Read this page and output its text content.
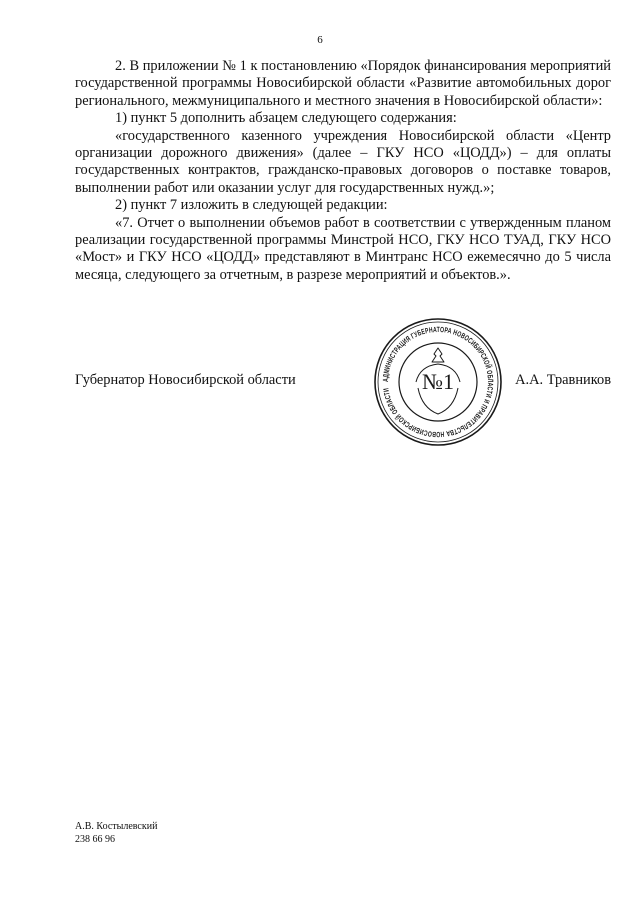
6

2. В приложении № 1 к постановлению «Порядок финансирования мероприятий государственной программы Новосибирской области «Развитие автомобильных дорог регионального, межмуниципального и местного значения в Новосибирской области»:

1) пункт 5 дополнить абзацем следующего содержания:

«государственного казенного учреждения Новосибирской области «Центр организации дорожного движения» (далее – ГКУ НСО «ЦОДД») – для оплаты государственных контрактов, гражданско-правовых договоров о поставке товаров, выполнении работ или оказании услуг для государственных нужд.»;

2) пункт 7 изложить в следующей редакции:

«7. Отчет о выполнении объемов работ в соответствии с утвержденным планом реализации государственной программы Минстрой НСО, ГКУ НСО ТУАД, ГКУ НСО «Мост» и ГКУ НСО «ЦОДД» представляют в Минтранс НСО ежемесячно до 5 числа месяца, следующего за отчетным, в разрезе мероприятий и объектов.».

Губернатор Новосибирской области	А.А. Травников
АДМИНИСТРАЦИЯ ГУБЕРНАТОРА НОВОСИБИРСКОЙ ОБЛАСТИ И ПРАВИТЕЛЬСТВА НОВОСИБИРСКОЙ ОБЛАСТИ	№1
А.В. Костылевский
238 66 96
